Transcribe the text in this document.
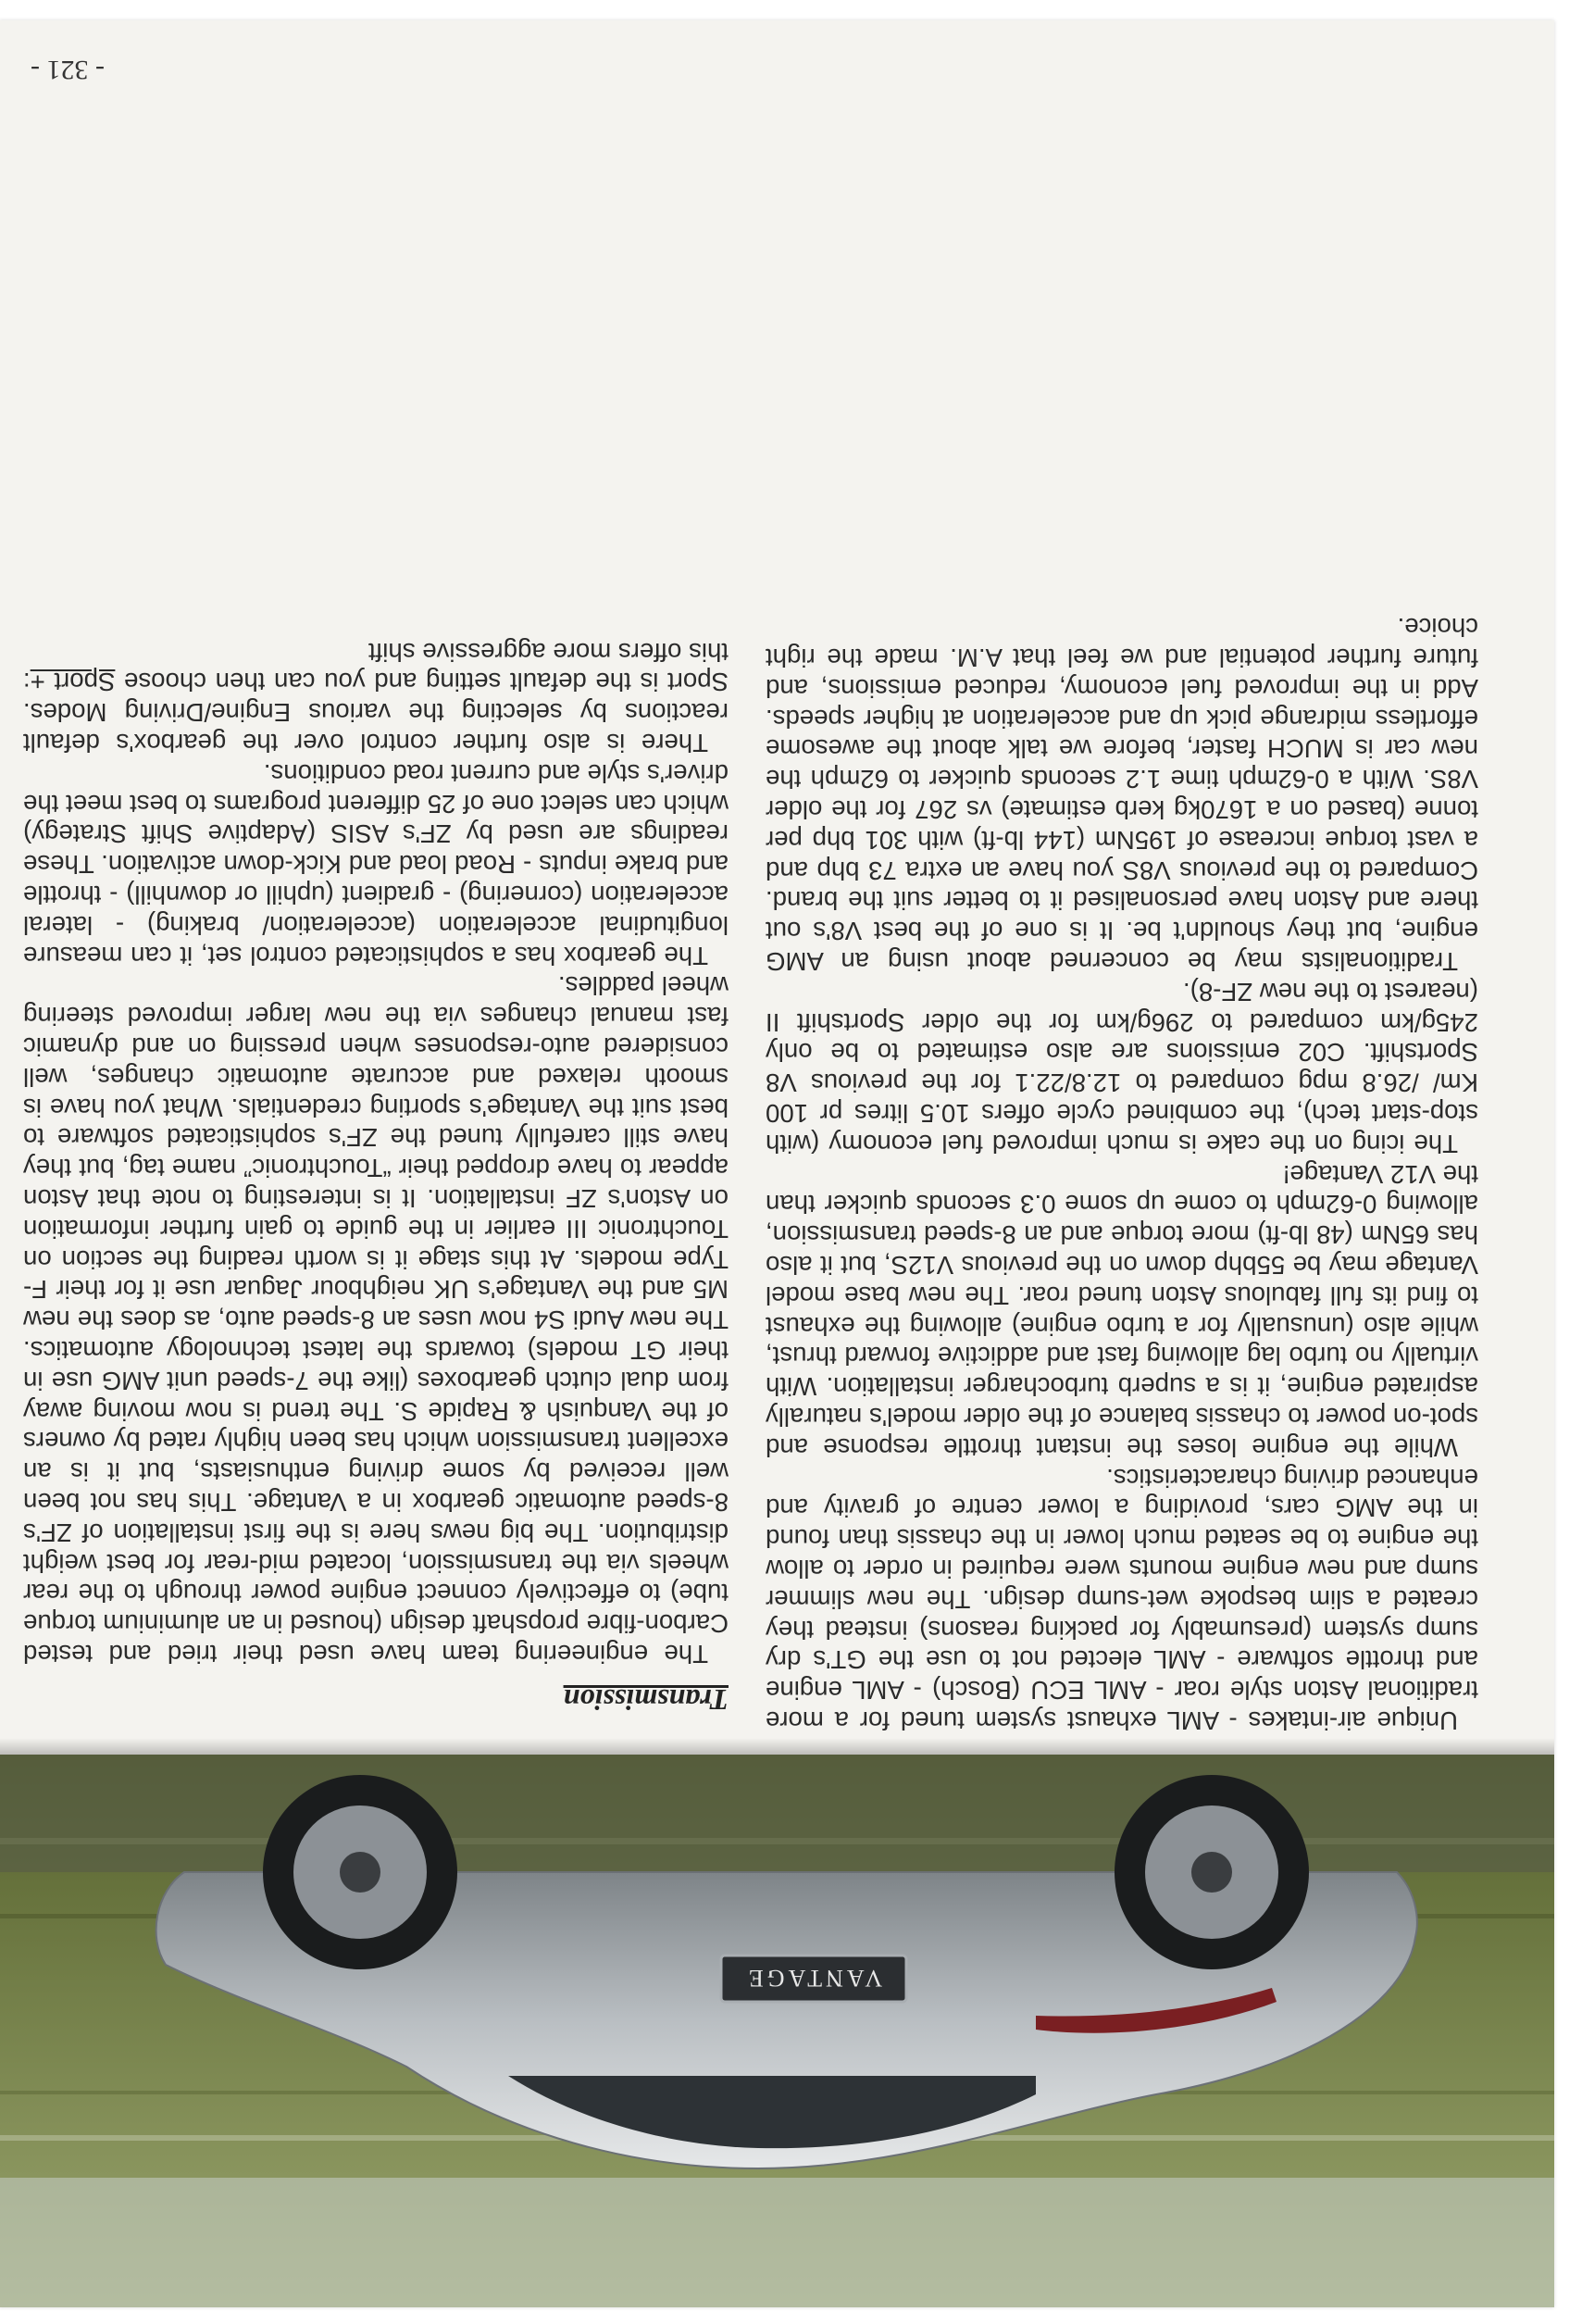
VANTAGE

Unique air-intakes - AML exhaust system tuned for a more traditional Aston style roar - AML ECU (Bosch) - AML engine and throttle software - AML elected not to use the GT's dry sump system (presumably for packing reasons) instead they created a slim bespoke wet-sump design. The new slimmer sump and new engine mounts were required in order to allow the engine to be seated much lower in the chassis than found in the AMG cars, providing a lower centre of gravity and enhanced driving characteristics.

While the engine loses the instant throttle response and spot-on power to chassis balance of the older model's naturally aspirated engine, it is a superb turbocharger installation. With virtually no turbo lag allowing fast and addictive forward thrust, while also (unusually for a turbo engine) allowing the exhaust to find its full fabulous Aston tuned roar. The new base model Vantage may be 55bhp down on the previous V12S, but it also has 65Nm (48 lb-ft) more torque and an 8-speed transmission, allowing 0-62mph to come up some 0.3 seconds quicker than the V12 Vantage!

The icing on the cake is much improved fuel economy (with stop-start tech), the combined cycle offers 10.5 litres pr 100 Km/ /26.8 mpg compared to 12.8/22.1 for the previous V8 Sportshift. C02 emissions are also estimated to be only 245g/km compared to 296g/km for the older Sportshift II (nearest to the new ZF-8).

Traditionalists may be concerned about using an AMG engine, but they shouldn't be. It is one of the best V8's out there and Aston have personalised it to better suit the brand. Compared to the previous V8S you have an extra 73 bhp and a vast torque increase of 195Nm (144 lb-ft) with 301 bhp per tonne (based on a 1670kg kerb estimate) vs 267 for the older V8S. With a 0-62mph time 1.2 seconds quicker to 62mph the new car is MUCH faster, before we talk about the awesome effortless midrange pick up and acceleration at higher speeds. Add in the improved fuel economy, reduced emissions, and future further potential and we feel that A.M. made the right choice.

Transmission

The engineering team have used their tried and tested Carbon-fibre propshaft design (housed in an aluminium torque tube) to effectively connect engine power through to the rear wheels via the transmission, located mid-rear for best weight distribution. The big news here is the first installation of ZF's 8-speed automatic gearbox in a Vantage. This has not been well received by some driving enthusiasts, but it is an excellent transmission which has been highly rated by owners of the Vanquish & Rapide S. The trend is now moving away from dual clutch gearboxes (like the 7-speed unit AMG use in their GT models) towards the latest technology automatics. The new Audi S4 now uses an 8-speed auto, as does the new M5 and the Vantage's UK neighbour Jaguar use it for their F-Type models. At this stage it is worth reading the section on Touchtronic III earlier in the guide to gain further information on Aston's ZF installation. It is interesting to note that Aston appear to have dropped their “Touchtronic” name tag, but they have still carefully tuned the ZF's sophisticated software to best suit the Vantage's sporting credentials. What you have is smooth relaxed and accurate automatic changes, well considered auto-responses when pressing on and dynamic fast manual changes via the new larger improved steering wheel paddles.

The gearbox has a sophisticated control set, it can measure longitudinal acceleration (acceleration/ braking) - lateral acceleration (cornering) - gradient (uphill or downhill) - throttle and brake inputs - Road load and Kick-down activation. These readings are used by ZF's ASIS (Adaptive Shift Strategy) which can select one of 25 different programs to best meet the driver's style and current road conditions.

There is also further control over the gearbox's default reactions by selecting the various Engine/Driving Modes. Sport is the default setting and you can then choose Sport +: this offers more aggressive shift

- 321 -
